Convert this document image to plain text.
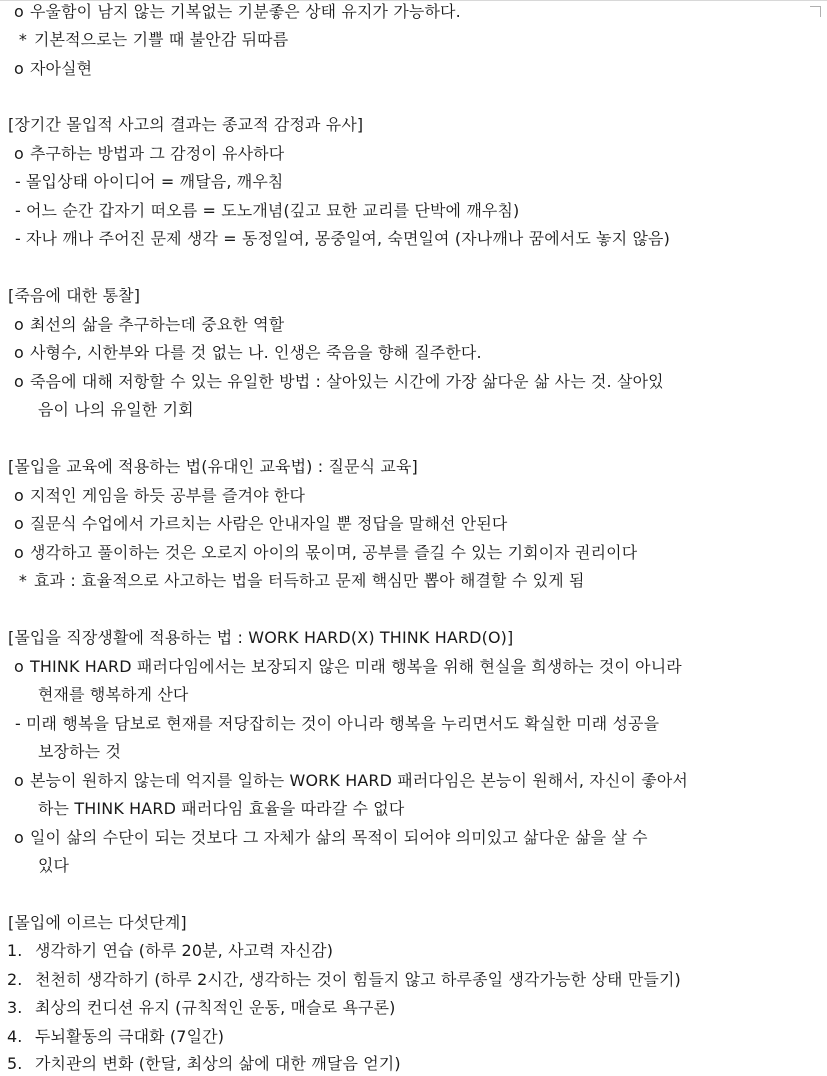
o 우울함이 남지 않는 기복없는 기분좋은 상태 유지가 가능하다.
* 기본적으로는 기쁠 때 불안감 뒤따름
o 자아실현
[장기간 몰입적 사고의 결과는 종교적 감정과 유사]
o 추구하는 방법과 그 감정이 유사하다
- 몰입상태 아이디어 = 깨달음, 깨우침
- 어느 순간 갑자기 떠오름 = 도노개념(깊고 묘한 교리를 단박에 깨우침)
- 자나 깨나 주어진 문제 생각 = 동정일여, 몽중일여, 숙면일여 (자나깨나 꿈에서도 놓지 않음)
[죽음에 대한 통찰]
o 최선의 삶을 추구하는데 중요한 역할
o 사형수, 시한부와 다를 것 없는 나. 인생은 죽음을 향해 질주한다.
o 죽음에 대해 저항할 수 있는 유일한 방법 : 살아있는 시간에 가장 삶다운 삶 사는 것. 살아있
음이 나의 유일한 기회
[몰입을 교육에 적용하는 법(유대인 교육법) : 질문식 교육]
o 지적인 게임을 하듯 공부를 즐겨야 한다
o 질문식 수업에서 가르치는 사람은 안내자일 뿐 정답을 말해선 안된다
o 생각하고 풀이하는 것은 오로지 아이의 몫이며, 공부를 즐길 수 있는 기회이자 권리이다
* 효과 : 효율적으로 사고하는 법을 터득하고 문제 핵심만 뽑아 해결할 수 있게 됨
[몰입을 직장생활에 적용하는 법 : WORK HARD(X) THINK HARD(O)]
o THINK HARD 패러다임에서는 보장되지 않은 미래 행복을 위해 현실을 희생하는 것이 아니라
현재를 행복하게 산다
- 미래 행복을 담보로 현재를 저당잡히는 것이 아니라 행복을 누리면서도 확실한 미래 성공을
보장하는 것
o 본능이 원하지 않는데 억지를 일하는 WORK HARD 패러다임은 본능이 원해서, 자신이 좋아서
하는 THINK HARD 패러다임 효율을 따라갈 수 없다
o 일이 삶의 수단이 되는 것보다 그 자체가 삶의 목적이 되어야 의미있고 삶다운 삶을 살 수
있다
[몰입에 이르는 다섯단계]
1. 생각하기 연습 (하루 20분, 사고력 자신감)
2. 천천히 생각하기 (하루 2시간, 생각하는 것이 힘들지 않고 하루종일 생각가능한 상태 만들기)
3. 최상의 컨디션 유지 (규칙적인 운동, 매슬로 욕구론)
4. 두뇌활동의 극대화 (7일간)
5. 가치관의 변화 (한달, 최상의 삶에 대한 깨달음 얻기)
